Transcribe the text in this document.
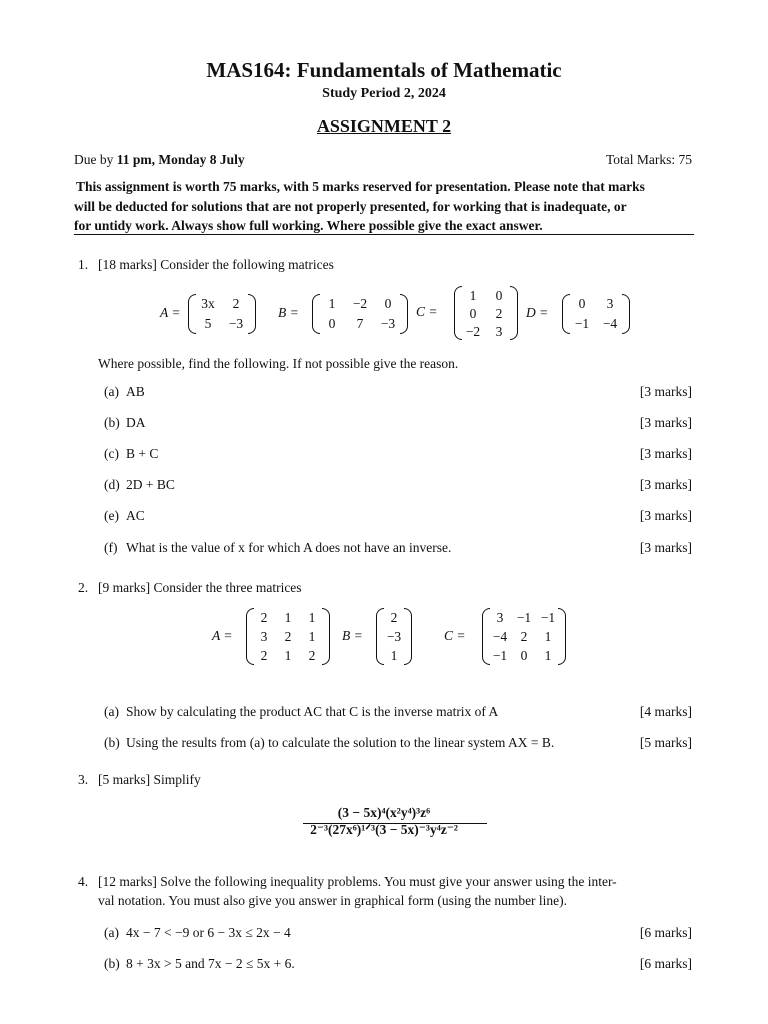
MAS164: Fundamentals of Mathematic
Study Period 2, 2024
ASSIGNMENT 2
Due by 11 pm, Monday 8 July	Total Marks: 75
This assignment is worth 75 marks, with 5 marks reserved for presentation. Please note that marks
will be deducted for solutions that are not properly presented, for working that is inadequate, or
for untidy work. Always show full working. Where possible give the exact answer.
1. [18 marks] Consider the following matrices
A =
3x	2
5	−3
B =
1	−2	0
0	7	−3
C =
1	0
0	2
−2	3
D =
0	3
−1	−4
Where possible, find the following. If not possible give the reason.
(a) AB	[3 marks]
(b) DA	[3 marks]
(c) B + C	[3 marks]
(d) 2D + BC	[3 marks]
(e) AC	[3 marks]
(f) What is the value of x for which A does not have an inverse.	[3 marks]
2. [9 marks] Consider the three matrices
A =
2	1	1
3	2	1
2	1	2
B =
2
−3
1
C =
3 −1 −1
−4 2	1
−1 0	1
(a) Show by calculating the product AC that C is the inverse matrix of A	[4 marks]
(b) Using the results from (a) to calculate the solution to the linear system AX = B.	[5 marks]
3. [5 marks] Simplify
(3 − 5x)⁴(x²y⁴)³z⁶
2⁻³(27x⁶)¹ᐟ³(3 − 5x)⁻³y⁴z⁻²
4. [12 marks] Solve the following inequality problems. You must give your answer using the inter-
val notation. You must also give you answer in graphical form (using the number line).
(a) 4x − 7 < −9 or 6 − 3x ≤ 2x − 4	[6 marks]
(b) 8 + 3x > 5 and 7x − 2 ≤ 5x + 6.	[6 marks]
